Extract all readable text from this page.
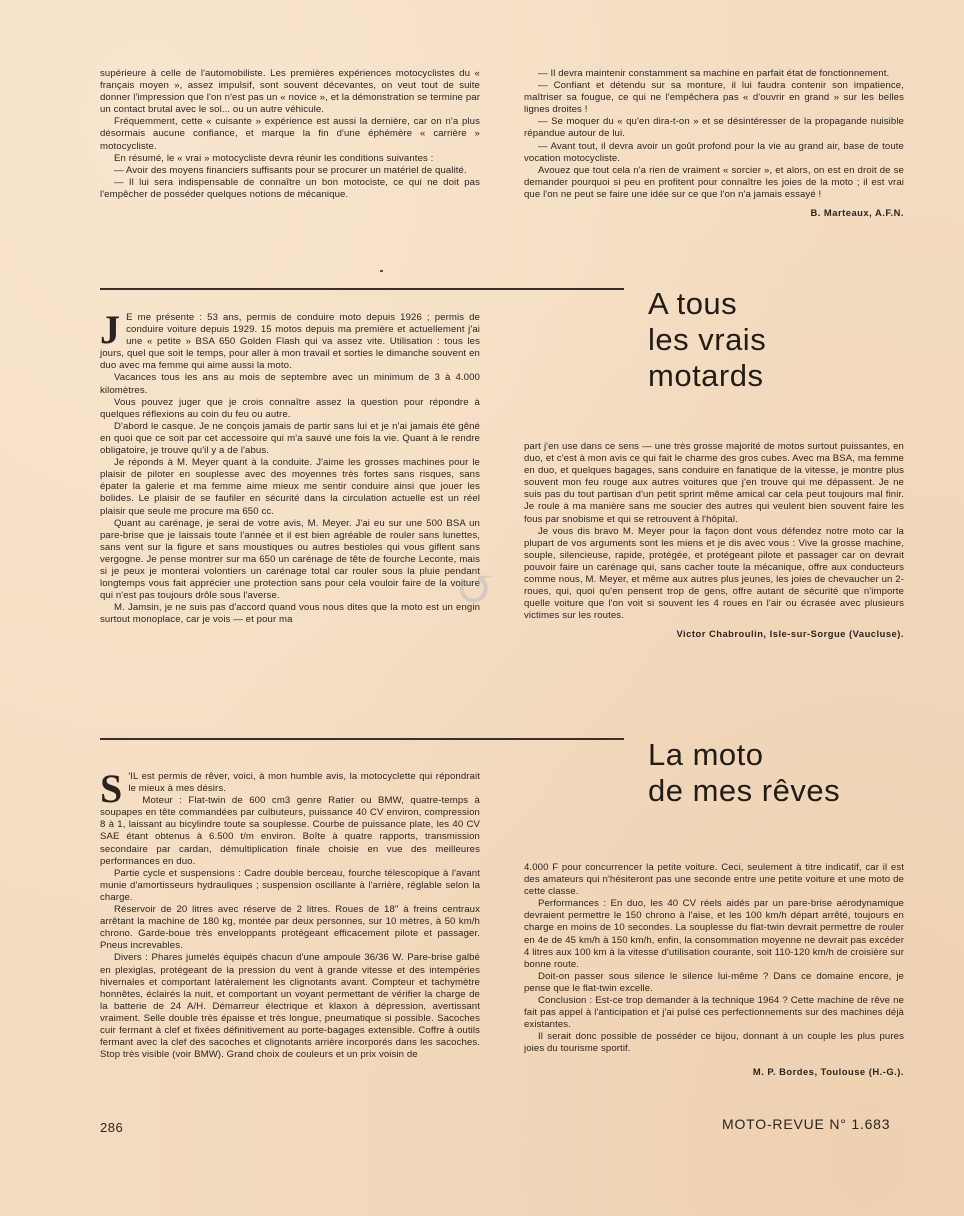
supérieure à celle de l'automobiliste. Les premières expériences motocyclistes du « français moyen », assez impulsif, sont souvent décevantes, on veut tout de suite donner l'impression que l'on n'est pas un « novice », et la démonstration se termine par un contact brutal avec le sol... ou un autre véhicule.

Fréquemment, cette « cuisante » expérience est aussi la dernière, car on n'a plus désormais aucune confiance, et marque la fin d'une éphémère « carrière » motocycliste.

En résumé, le « vrai » motocycliste devra réunir les conditions suivantes :

— Avoir des moyens financiers suffisants pour se procurer un matériel de qualité.

— Il lui sera indispensable de connaître un bon motociste, ce qui ne doit pas l'empêcher de posséder quelques notions de mécanique.

— Il devra maintenir constamment sa machine en parfait état de fonctionnement.

— Confiant et détendu sur sa monture, il lui faudra contenir son impatience, maîtriser sa fougue, ce qui ne l'empêchera pas « d'ouvrir en grand » sur les belles lignes droites !

— Se moquer du « qu'en dira-t-on » et se désintéresser de la propagande nuisible répandue autour de lui.

— Avant tout, il devra avoir un goût profond pour la vie au grand air, base de toute vocation motocycliste.

Avouez que tout cela n'a rien de vraiment « sorcier », et alors, on est en droit de se demander pourquoi si peu en profitent pour connaître les joies de la moto ; il est vrai que l'on ne peut se faire une idée sur ce que l'on n'a jamais essayé !

B. Marteaux, A.F.N.
A tous
les vrais
motards

J E me présente : 53 ans, permis de conduire moto depuis 1926 ; permis de conduire voiture depuis 1929. 15 motos depuis ma première et actuellement j'ai une « petite » BSA 650 Golden Flash qui va assez vite. Utilisation : tous les jours, quel que soit le temps, pour aller à mon travail et sorties le dimanche souvent en duo avec ma femme qui aime aussi la moto.

Vacances tous les ans au mois de septembre avec un minimum de 3 à 4.000 kilomètres.

Vous pouvez juger que je crois connaître assez la question pour répondre à quelques réflexions au coin du feu ou autre.

D'abord le casque. Je ne conçois jamais de partir sans lui et je n'ai jamais été gêné en quoi que ce soit par cet accessoire qui m'a sauvé une fois la vie. Quant à le rendre obligatoire, je trouve qu'il y a de l'abus.

Je réponds à M. Meyer quant à la conduite. J'aime les grosses machines pour le plaisir de piloter en souplesse avec des moyennes très fortes sans risques, sans épater la galerie et ma femme aime mieux me sentir conduire ainsi que jouer les bolides. Le plaisir de se faufiler en sécurité dans la circulation actuelle est un réel plaisir que seule me procure ma 650 cc.

Quant au carénage, je serai de votre avis, M. Meyer. J'ai eu sur une 500 BSA un pare-brise que je laissais toute l'année et il est bien agréable de rouler sans lunettes, sans vent sur la figure et sans moustiques ou autres bestioles qui vous giflent sans vergogne. Je pense montrer sur ma 650 un carénage de tête de fourche Leconte, mais si je peux je monterai volontiers un carénage total car rouler sous la pluie pendant longtemps vous fait apprécier une protection sans pour cela vouloir faire de la voiture qui n'est pas toujours drôle sous l'averse.

M. Jamsin, je ne suis pas d'accord quand vous nous dites que la moto est un engin surtout monoplace, car je vois — et pour ma

part j'en use dans ce sens — une très grosse majorité de motos surtout puissantes, en duo, et c'est à mon avis ce qui fait le charme des gros cubes. Avec ma BSA, ma femme en duo, et quelques bagages, sans conduire en fanatique de la vitesse, je montre plus souvent mon feu rouge aux autres voitures que j'en trouve qui me dépassent. Je ne suis pas du tout partisan d'un petit sprint même amical car cela peut toujours mal finir. Je roule à ma manière sans me soucier des autres qui veulent bien souvent faire les fous par snobisme et qui se retrouvent à l'hôpital.

Je vous dis bravo M. Meyer pour la façon dont vous défendez notre moto car la plupart de vos arguments sont les miens et je dis avec vous : Vive la grosse machine, souple, silencieuse, rapide, protégée, et protégeant pilote et passager car on devrait pouvoir faire un carénage qui, sans cacher toute la mécanique, offre aux conducteurs comme nous, M. Meyer, et même aux autres plus jeunes, les joies de chevaucher un 2-roues, qui, quoi qu'en pensent trop de gens, offre autant de sécurité que n'importe quelle voiture que l'on voit si souvent les 4 roues en l'air ou écrasée avec plusieurs victimes sur les routes.

Victor Chabroulin, Isle-sur-Sorgue (Vaucluse).
↺
La moto
de mes rêves

S 'IL est permis de rêver, voici, à mon humble avis, la motocyclette qui répondrait le mieux à mes désirs.

Moteur : Flat-twin de 600 cm3 genre Ratier ou BMW, quatre-temps à soupapes en tête commandées par culbuteurs, puissance 40 CV environ, compression 8 à 1, laissant au bicylindre toute sa souplesse. Courbe de puissance plate, les 40 CV SAE étant obtenus à 6.500 t/m environ. Boîte à quatre rapports, transmission secondaire par cardan, démultiplication finale choisie en vue des meilleures performances en duo.

Partie cycle et suspensions : Cadre double berceau, fourche télescopique à l'avant munie d'amortisseurs hydrauliques ; suspension oscillante à l'arrière, réglable selon la charge.

Réservoir de 20 litres avec réserve de 2 litres. Roues de 18" à freins centraux arrêtant la machine de 180 kg, montée par deux personnes, sur 10 mètres, à 50 km/h chrono. Garde-boue très enveloppants protégeant efficacement pilote et passager. Pneus increvables.

Divers : Phares jumelés équipés chacun d'une ampoule 36/36 W. Pare-brise galbé en plexiglas, protégeant de la pression du vent à grande vitesse et des intempéries hivernales et comportant latéralement les clignotants avant. Compteur et tachymètre honnêtes, éclairés la nuit, et comportant un voyant permettant de vérifier la charge de la batterie de 24 A/H. Démarreur électrique et klaxon à dépression, avertissant vraiment. Selle double très épaisse et très longue, pneumatique si possible. Sacoches cuir fermant à clef et fixées définitivement au porte-bagages extensible. Coffre à outils fermant avec la clef des sacoches et clignotants arrière incorporés dans les sacoches. Stop très visible (voir BMW). Grand choix de couleurs et un prix voisin de

4.000 F pour concurrencer la petite voiture. Ceci, seulement à titre indicatif, car il est des amateurs qui n'hésiteront pas une seconde entre une petite voiture et une moto de cette classe.

Performances : En duo, les 40 CV réels aidés par un pare-brise aérodynamique devraient permettre le 150 chrono à l'aise, et les 100 km/h départ arrêté, toujours en charge en moins de 10 secondes. La souplesse du flat-twin devrait permettre de rouler en 4e de 45 km/h à 150 km/h, enfin, la consommation moyenne ne devrait pas excéder 4 litres aux 100 km à la vitesse d'utilisation courante, soit 110-120 km/h de croisière sur bonne route.

Doit-on passer sous silence le silence lui-même ? Dans ce domaine encore, je pense que le flat-twin excelle.

Conclusion : Est-ce trop demander à la technique 1964 ? Cette machine de rêve ne fait pas appel à l'anticipation et j'ai pulsé ces perfectionnements sur des machines déjà existantes.

Il serait donc possible de posséder ce bijou, donnant à un couple les plus pures joies du tourisme sportif.

M. P. Bordes, Toulouse (H.-G.).
286	MOTO-REVUE N° 1.683
